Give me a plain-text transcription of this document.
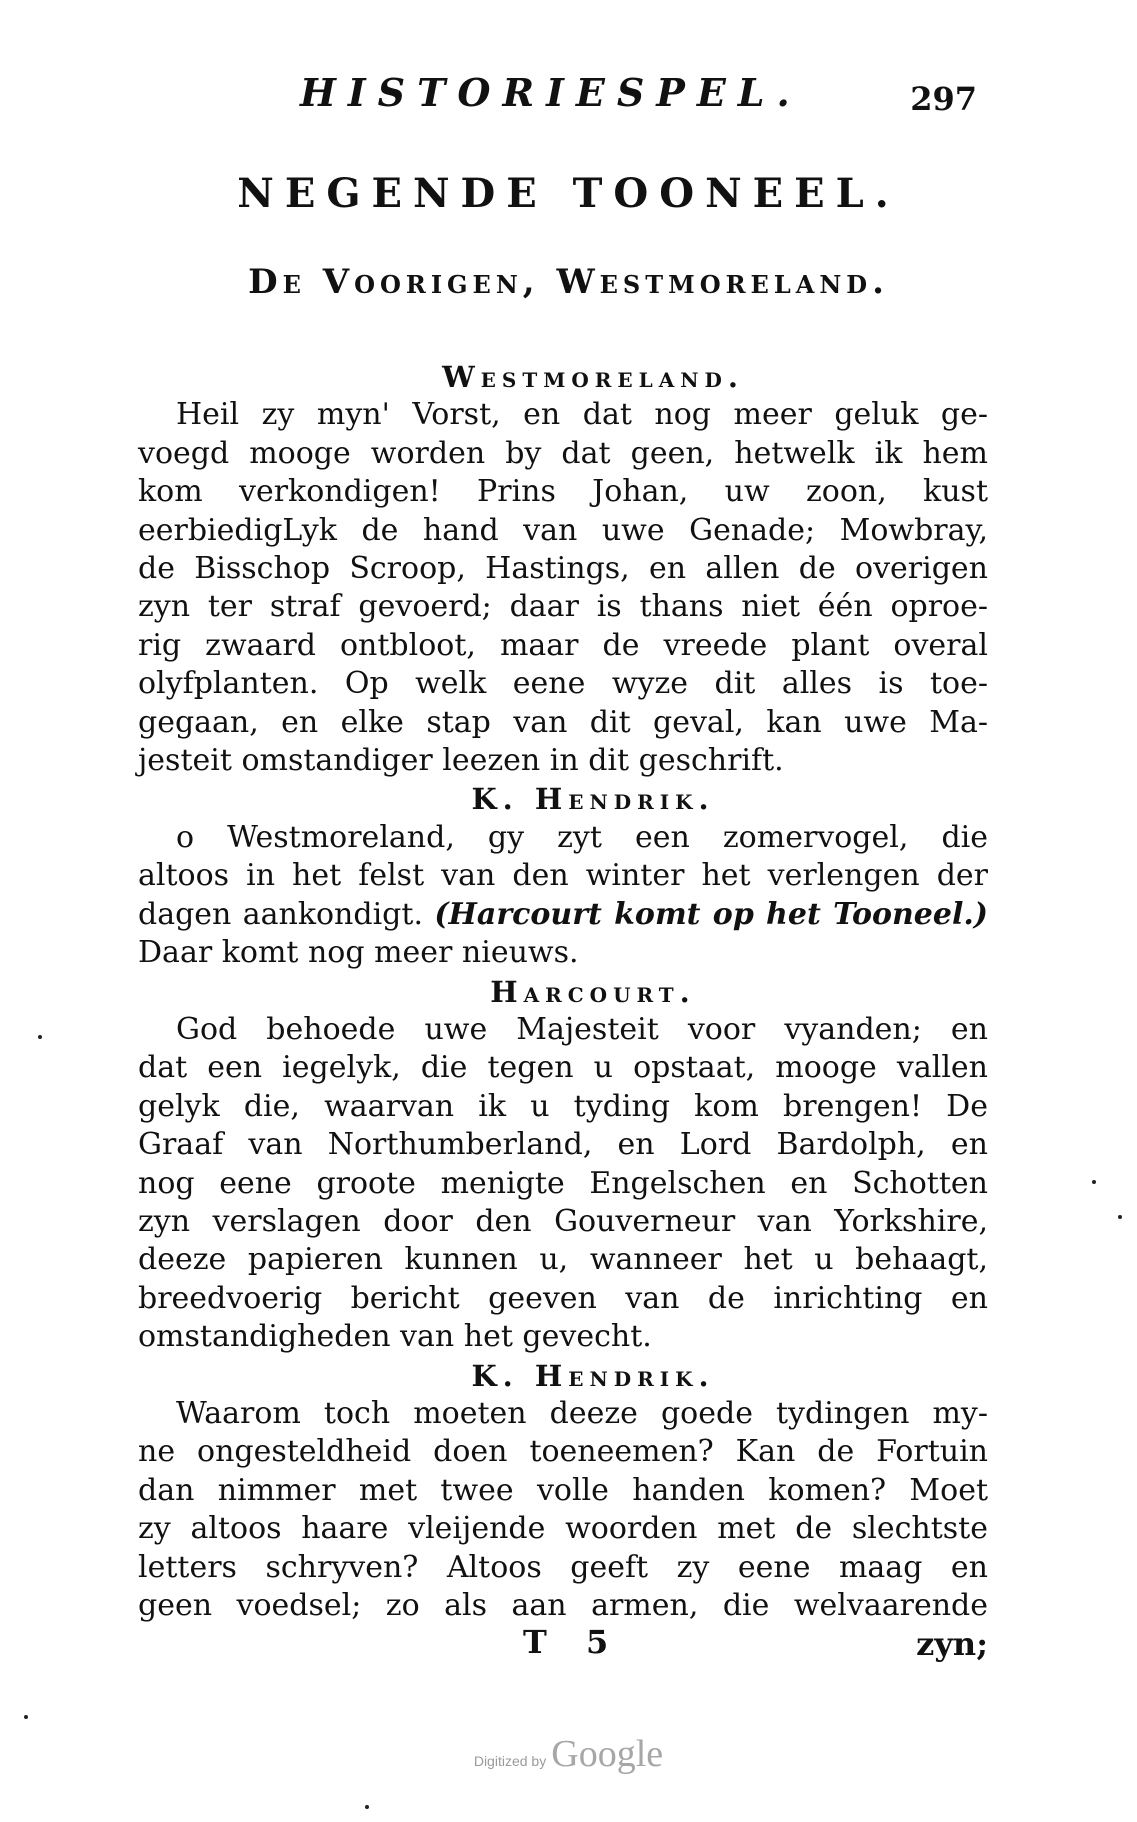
HISTORIESPEL.	297
NEGENDE TOONEEL.
De Voorigen, Westmoreland.
Westmoreland.
Heil zy myn' Vorst, en dat nog meer geluk ge-
voegd mooge worden by dat geen, hetwelk ik hem
kom verkondigen! Prins Johan, uw zoon, kust
eerbiedigLyk de hand van uwe Genade; Mowbray,
de Bisschop Scroop, Hastings, en allen de overigen
zyn ter straf gevoerd; daar is thans niet één oproe-
rig zwaard ontbloot, maar de vreede plant overal
olyfplanten. Op welk eene wyze dit alles is toe-
gegaan, en elke stap van dit geval, kan uwe Ma-
jesteit omstandiger leezen in dit geschrift.
K. Hendrik.
o Westmoreland, gy zyt een zomervogel, die
altoos in het felst van den winter het verlengen der
dagen aankondigt. (Harcourt komt op het Tooneel.)
Daar komt nog meer nieuws.
Harcourt.
God behoede uwe Majesteit voor vyanden; en
dat een iegelyk, die tegen u opstaat, mooge vallen
gelyk die, waarvan ik u tyding kom brengen! De
Graaf van Northumberland, en Lord Bardolph, en
nog eene groote menigte Engelschen en Schotten
zyn verslagen door den Gouverneur van Yorkshire,
deeze papieren kunnen u, wanneer het u behaagt,
breedvoerig bericht geeven van de inrichting en
omstandigheden van het gevecht.
K. Hendrik.
Waarom toch moeten deeze goede tydingen my-
ne ongesteldheid doen toeneemen? Kan de Fortuin
dan nimmer met twee volle handen komen? Moet
zy altoos haare vleijende woorden met de slechtste
letters schryven? Altoos geeft zy eene maag en
geen voedsel; zo als aan armen, die welvaarende
T 5	zyn;
Digitized by Google
